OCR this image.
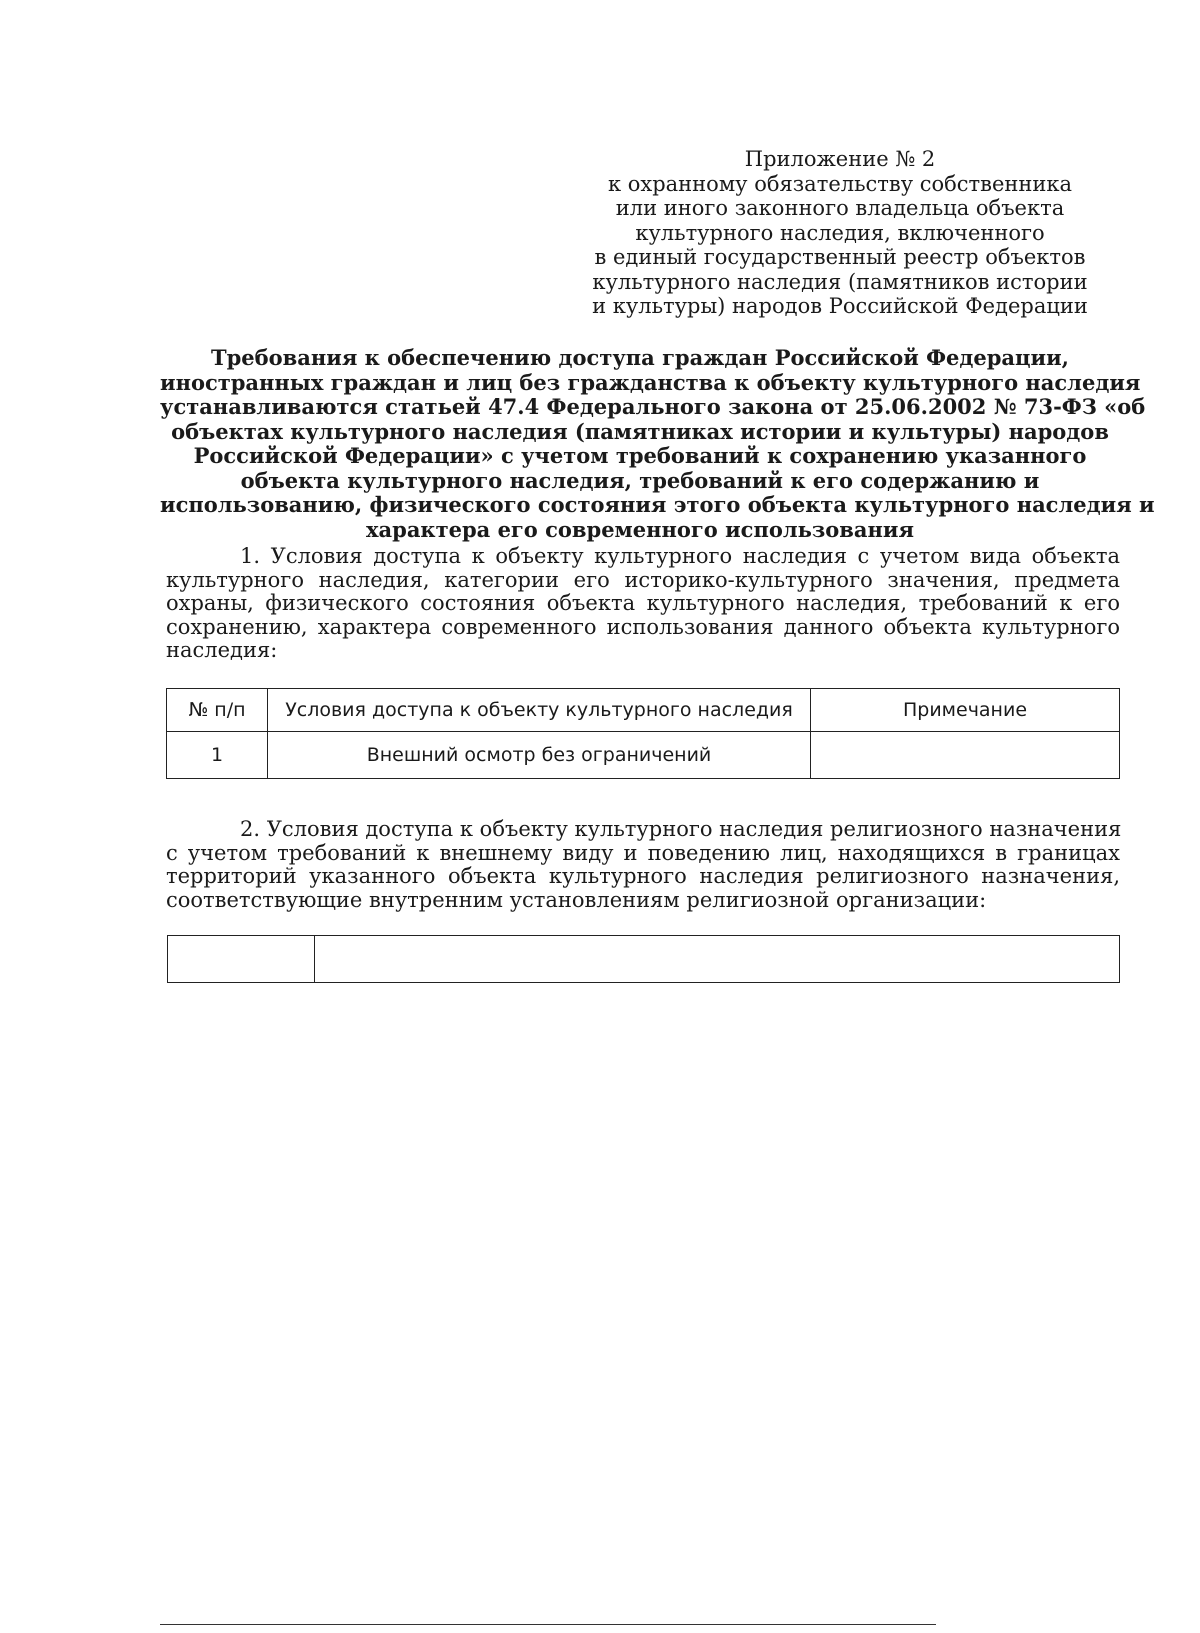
Приложение № 2
к охранному обязательству собственника
или иного законного владельца объекта
культурного наследия, включенного
в единый государственный реестр объектов
культурного наследия (памятников истории
и культуры) народов Российской Федерации
Требования к обеспечению доступа граждан Российской Федерации,
иностранных граждан и лиц без гражданства к объекту культурного наследия
устанавливаются статьей 47.4 Федерального закона от 25.06.2002 № 73-ФЗ «об
объектах культурного наследия (памятниках истории и культуры) народов
Российской Федерации» с учетом требований к сохранению указанного
объекта культурного наследия, требований к его содержанию и
использованию, физического состояния этого объекта культурного наследия и
характера его современного использования
1. Условия доступа к объекту культурного наследия с учетом вида объекта
культурного наследия, категории его историко-культурного значения, предмета
охраны, физического состояния объекта культурного наследия, требований к его
сохранению, характера современного использования данного объекта культурного
наследия:
№ п/п	Условия доступа к объекту культурного наследия	Примечание
1	Внешний осмотр без ограничений	
2. Условия доступа к объекту культурного наследия религиозного назначения
с учетом требований к внешнему виду и поведению лиц, находящихся в границах
территорий указанного объекта культурного наследия религиозного назначения,
соответствующие внутренним установлениям религиозной организации:
